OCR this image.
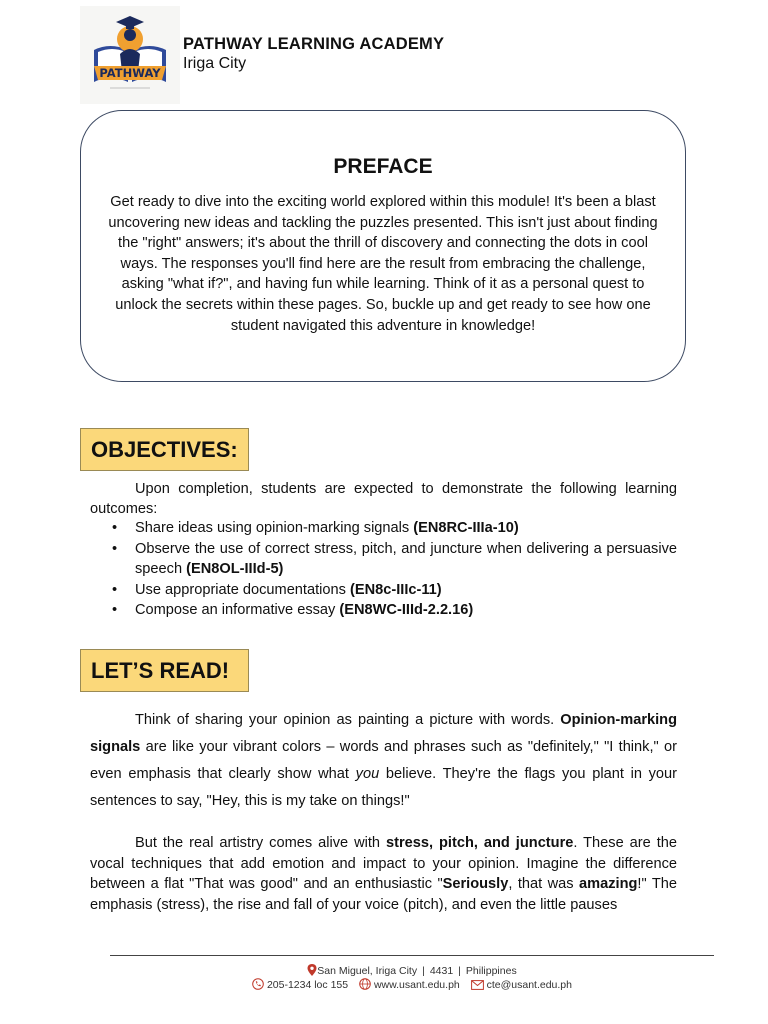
PATHWAY
PATHWAY LEARNING ACADEMY
Iriga City
PREFACE
Get ready to dive into the exciting world explored within this module! It's been a blast uncovering new ideas and tackling the puzzles presented. This isn't just about finding the "right" answers; it's about the thrill of discovery and connecting the dots in cool ways. The responses you'll find here are the result from embracing the challenge, asking "what if?", and having fun while learning. Think of it as a personal quest to unlock the secrets within these pages. So, buckle up and get ready to see how one student navigated this adventure in knowledge!
OBJECTIVES:
Upon completion, students are expected to demonstrate the following learning outcomes:
• Share ideas using opinion-marking signals (EN8RC-IIIa-10)
• Observe the use of correct stress, pitch, and juncture when delivering a persuasive speech (EN8OL-IIId-5)
• Use appropriate documentations (EN8c-IIIc-11)
• Compose an informative essay (EN8WC-IIId-2.2.16)
LET’S READ!
Think of sharing your opinion as painting a picture with words. Opinion-marking signals are like your vibrant colors – words and phrases such as "definitely," "I think," or even emphasis that clearly show what you believe. They're the flags you plant in your sentences to say, "Hey, this is my take on things!"
But the real artistry comes alive with stress, pitch, and juncture. These are the vocal techniques that add emotion and impact to your opinion. Imagine the difference between a flat "That was good" and an enthusiastic "Seriously, that was amazing!" The emphasis (stress), the rise and fall of your voice (pitch), and even the little pauses
San Miguel, Iriga City | 4431 | Philippines
205-1234 loc 155 www.usant.edu.ph	cte@usant.edu.ph
